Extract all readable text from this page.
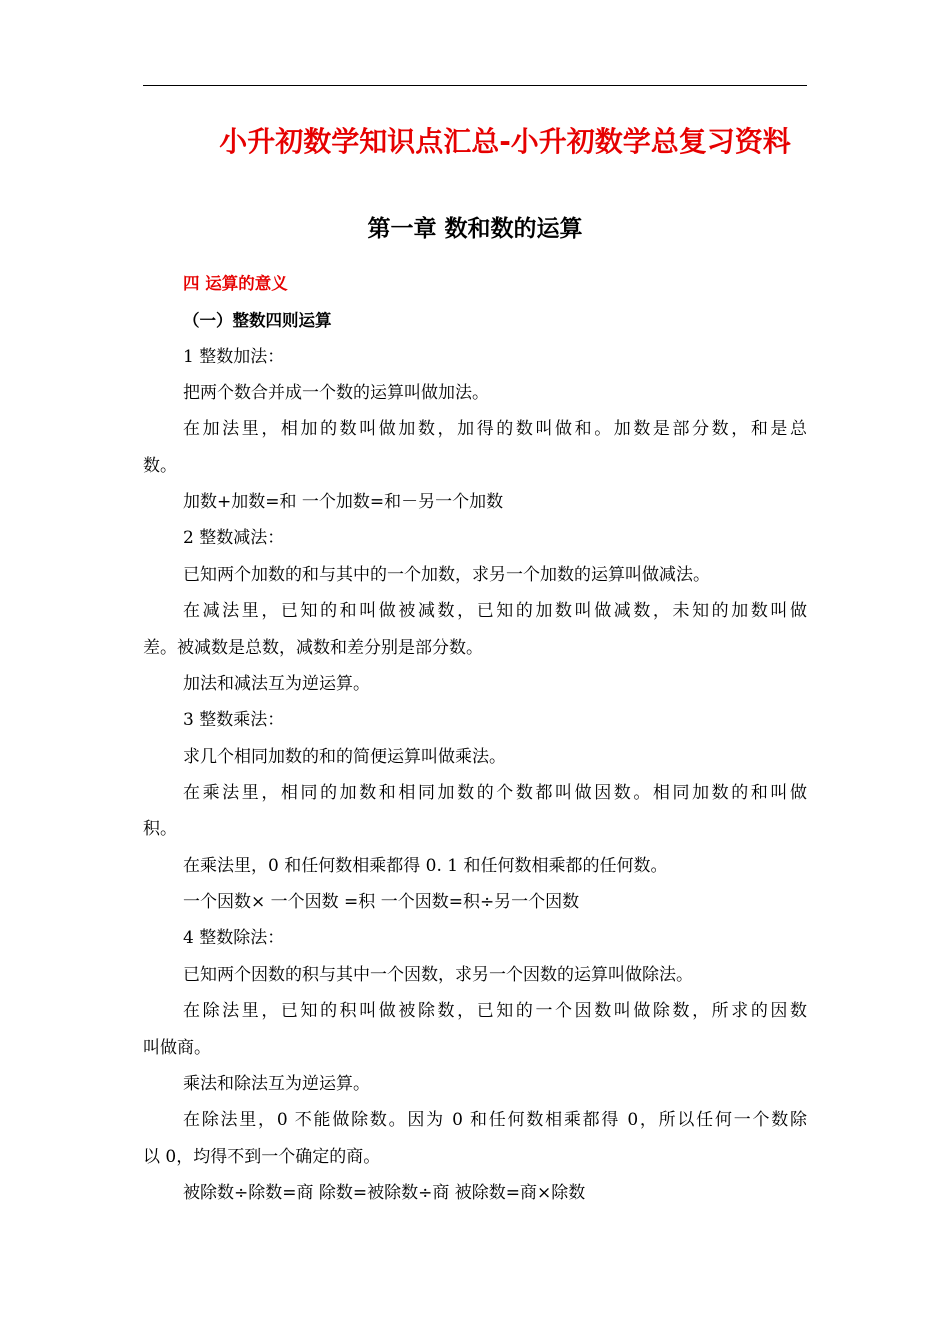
小升初数学知识点汇总-小升初数学总复习资料
第一章 数和数的运算
四 运算的意义
（一）整数四则运算
1 整数加法：
把两个数合并成一个数的运算叫做加法。
在加法里，相加的数叫做加数，加得的数叫做和。加数是部分数，和是总
数。
加数+加数=和 一个加数=和－另一个加数
2 整数减法：
已知两个加数的和与其中的一个加数，求另一个加数的运算叫做减法。
在减法里，已知的和叫做被减数，已知的加数叫做减数，未知的加数叫做
差。被减数是总数，减数和差分别是部分数。
加法和减法互为逆运算。
3 整数乘法：
求几个相同加数的和的简便运算叫做乘法。
在乘法里，相同的加数和相同加数的个数都叫做因数。相同加数的和叫做
积。
在乘法里，0 和任何数相乘都得 0. 1 和任何数相乘都的任何数。
一个因数× 一个因数 =积 一个因数=积÷另一个因数
4 整数除法：
已知两个因数的积与其中一个因数，求另一个因数的运算叫做除法。
在除法里，已知的积叫做被除数，已知的一个因数叫做除数，所求的因数
叫做商。
乘法和除法互为逆运算。
在除法里，0 不能做除数。因为 0 和任何数相乘都得 0，所以任何一个数除
以 0，均得不到一个确定的商。
被除数÷除数=商 除数=被除数÷商 被除数=商×除数
